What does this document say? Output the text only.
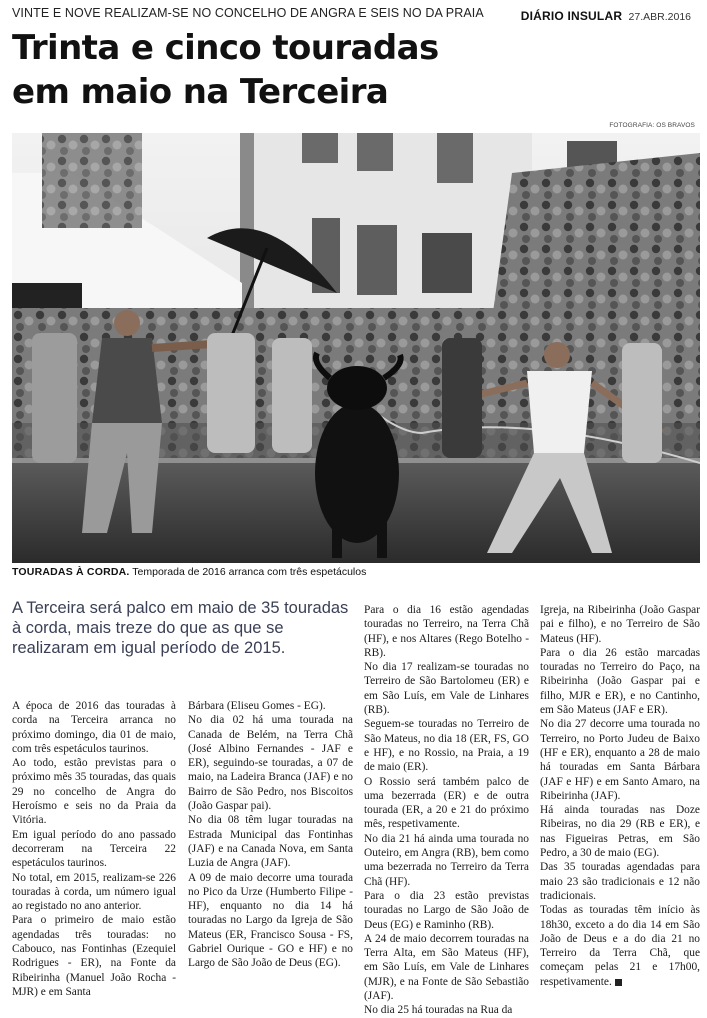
VINTE E NOVE REALIZAM-SE NO CONCELHO DE ANGRA E SEIS NO DA PRAIA	DIÁRIO INSULAR 27.ABR.2016
Trinta e cinco touradas
em maio na Terceira
FOTOGRAFIA: OS BRAVOS
TOURADAS À CORDA. Temporada de 2016 arranca com três espetáculos

A Terceira será palco em maio de 35 touradas à corda, mais treze do que as que se realizaram em igual período de 2015.

A época de 2016 das touradas à corda na Terceira arranca no próximo domingo, dia 01 de maio, com três espetáculos taurinos.

Ao todo, estão previstas para o próximo mês 35 touradas, das quais 29 no concelho de Angra do Heroísmo e seis no da Praia da Vitória.

Em igual período do ano passado decorreram na Terceira 22 espetáculos taurinos.

No total, em 2015, realizam-se 226 touradas à corda, um número igual ao registado no ano anterior.

Para o primeiro de maio estão agendadas três touradas: no Cabouco, nas Fontinhas (Ezequiel Rodrigues - ER), na Fonte da Ribeirinha (Manuel João Rocha - MJR) e em Santa

Bárbara (Eliseu Gomes - EG).

No dia 02 há uma tourada na Canada de Belém, na Terra Chã (José Albino Fernandes - JAF e ER), seguindo-se touradas, a 07 de maio, na Ladeira Branca (JAF) e no Bairro de São Pedro, nos Biscoitos (João Gaspar pai).

No dia 08 têm lugar touradas na Estrada Municipal das Fontinhas (JAF) e na Canada Nova, em Santa Luzia de Angra (JAF).

A 09 de maio decorre uma tourada no Pico da Urze (Humberto Filipe - HF), enquanto no dia 14 há touradas no Largo da Igreja de São Mateus (ER, Francisco Sousa - FS, Gabriel Ourique - GO e HF) e no Largo de São João de Deus (EG).

Para o dia 16 estão agendadas touradas no Terreiro, na Terra Chã (HF), e nos Altares (Rego Botelho - RB).

No dia 17 realizam-se touradas no Terreiro de São Bartolomeu (ER) e em São Luís, em Vale de Linhares (RB).

Seguem-se touradas no Terreiro de São Mateus, no dia 18 (ER, FS, GO e HF), e no Rossio, na Praia, a 19 de maio (ER).

O Rossio será também palco de uma bezerrada (ER) e de outra tourada (ER, a 20 e 21 do próximo mês, respetivamente.

No dia 21 há ainda uma tourada no Outeiro, em Angra (RB), bem como uma bezerrada no Terreiro da Terra Chã (HF).

Para o dia 23 estão previstas touradas no Largo de São João de Deus (EG) e Raminho (RB).

A 24 de maio decorrem touradas na Terra Alta, em São Mateus (HF), em São Luís, em Vale de Linhares (MJR), e na Fonte de São Sebastião (JAF).

No dia 25 há touradas na Rua da

Igreja, na Ribeirinha (João Gaspar pai e filho), e no Terreiro de São Mateus (HF).

Para o dia 26 estão marcadas touradas no Terreiro do Paço, na Ribeirinha (João Gaspar pai e filho, MJR e ER), e no Cantinho, em São Mateus (JAF e ER).

No dia 27 decorre uma tourada no Terreiro, no Porto Judeu de Baixo (HF e ER), enquanto a 28 de maio há touradas em Santa Bárbara (JAF e HF) e em Santo Amaro, na Ribeirinha (JAF).

Há ainda touradas nas Doze Ribeiras, no dia 29 (RB e ER), e nas Figueiras Petras, em São Pedro, a 30 de maio (EG).

Das 35 touradas agendadas para maio 23 são tradicionais e 12 não tradicionais.

Todas as touradas têm início às 18h30, exceto a do dia 14 em São João de Deus e a do dia 21 no Terreiro da Terra Chã, que começam pelas 21 e 17h00, respetivamente.
